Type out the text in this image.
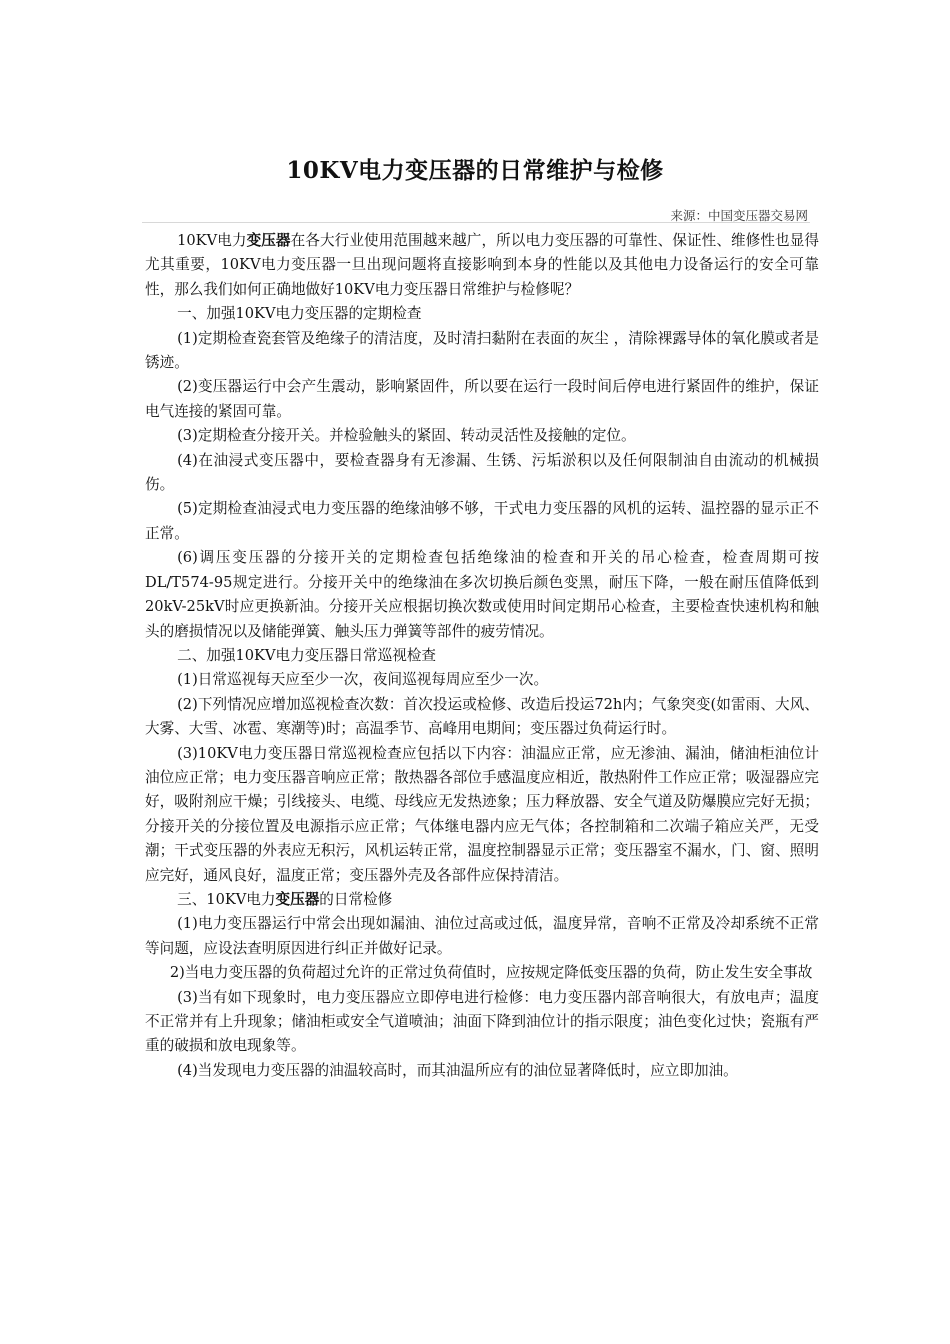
10KV电力变压器的日常维护与检修
来源：中国变压器交易网

10KV电力变压器在各大行业使用范围越来越广，所以电力变压器的可靠性、保证性、维修性也显得尤其重要，10KV电力变压器一旦出现问题将直接影响到本身的性能以及其他电力设备运行的安全可靠性，那么我们如何正确地做好10KV电力变压器日常维护与检修呢？

一、加强10KV电力变压器的定期检查

(1)定期检查瓷套管及绝缘子的清洁度，及时清扫黏附在表面的灰尘 ，清除裸露导体的氧化膜或者是锈迹。

(2)变压器运行中会产生震动，影响紧固件，所以要在运行一段时间后停电进行紧固件的维护，保证电气连接的紧固可靠。

(3)定期检查分接开关。并检验触头的紧固、转动灵活性及接触的定位。

(4)在油浸式变压器中，要检查器身有无渗漏、生锈、污垢淤积以及任何限制油自由流动的机械损伤。

(5)定期检查油浸式电力变压器的绝缘油够不够，干式电力变压器的风机的运转、温控器的显示正不正常。

(6)调压变压器的分接开关的定期检查包括绝缘油的检查和开关的吊心检查，检查周期可按DL/T574-95规定进行。分接开关中的绝缘油在多次切换后颜色变黑，耐压下降，一般在耐压值降低到20kV-25kV时应更换新油。分接开关应根据切换次数或使用时间定期吊心检查，主要检查快速机构和触头的磨损情况以及储能弹簧、触头压力弹簧等部件的疲劳情况。

二、加强10KV电力变压器日常巡视检查

(1)日常巡视每天应至少一次，夜间巡视每周应至少一次。

(2)下列情况应增加巡视检查次数：首次投运或检修、改造后投运72h内；气象突变(如雷雨、大风、大雾、大雪、冰雹、寒潮等)时；高温季节、高峰用电期间；变压器过负荷运行时。

(3)10KV电力变压器日常巡视检查应包括以下内容：油温应正常，应无渗油、漏油，储油柜油位计油位应正常；电力变压器音响应正常；散热器各部位手感温度应相近，散热附件工作应正常；吸湿器应完好，吸附剂应干燥；引线接头、电缆、母线应无发热迹象；压力释放器、安全气道及防爆膜应完好无损；分接开关的分接位置及电源指示应正常；气体继电器内应无气体；各控制箱和二次端子箱应关严，无受潮；干式变压器的外表应无积污，风机运转正常，温度控制器显示正常；变压器室不漏水，门、窗、照明应完好，通风良好，温度正常；变压器外壳及各部件应保持清洁。

三、10KV电力变压器的日常检修

(1)电力变压器运行中常会出现如漏油、油位过高或过低，温度异常，音响不正常及冷却系统不正常等问题，应设法查明原因进行纠正并做好记录。

2)当电力变压器的负荷超过允许的正常过负荷值时，应按规定降低变压器的负荷，防止发生安全事故

(3)当有如下现象时，电力变压器应立即停电进行检修：电力变压器内部音响很大，有放电声；温度不正常并有上升现象；储油柜或安全气道喷油；油面下降到油位计的指示限度；油色变化过快；瓷瓶有严重的破损和放电现象等。

(4)当发现电力变压器的油温较高时，而其油温所应有的油位显著降低时，应立即加油。
